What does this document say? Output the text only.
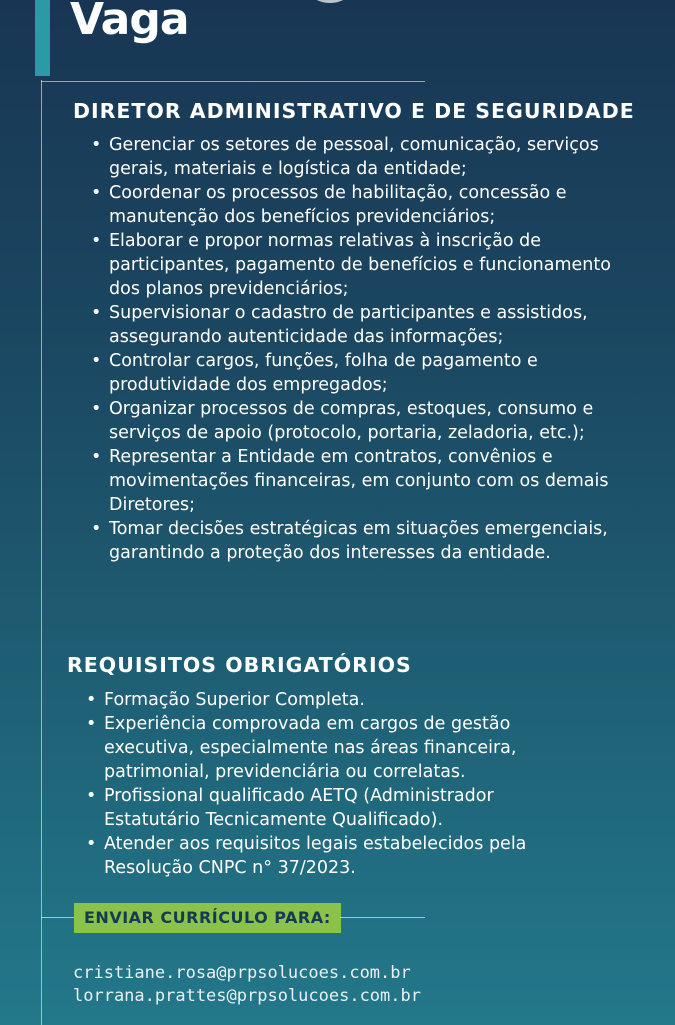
Vaga
DIRETOR ADMINISTRATIVO E DE SEGURIDADE
• Gerenciar os setores de pessoal, comunicação, serviços gerais, materiais e logística da entidade;
• Coordenar os processos de habilitação, concessão e manutenção dos benefícios previdenciários;
• Elaborar e propor normas relativas à inscrição de participantes, pagamento de benefícios e funcionamento dos planos previdenciários;
• Supervisionar o cadastro de participantes e assistidos, assegurando autenticidade das informações;
• Controlar cargos, funções, folha de pagamento e produtividade dos empregados;
• Organizar processos de compras, estoques, consumo e serviços de apoio (protocolo, portaria, zeladoria, etc.);
• Representar a Entidade em contratos, convênios e movimentações financeiras, em conjunto com os demais Diretores;
• Tomar decisões estratégicas em situações emergenciais, garantindo a proteção dos interesses da entidade.
REQUISITOS OBRIGATÓRIOS
• Formação Superior Completa.
• Experiência comprovada em cargos de gestão executiva, especialmente nas áreas financeira, patrimonial, previdenciária ou correlatas.
• Profissional qualificado AETQ (Administrador Estatutário Tecnicamente Qualificado).
• Atender aos requisitos legais estabelecidos pela Resolução CNPC n° 37/2023.
ENVIAR CURRÍCULO PARA:
cristiane.rosa@prpsolucoes.com.br
lorrana.prattes@prpsolucoes.com.br
